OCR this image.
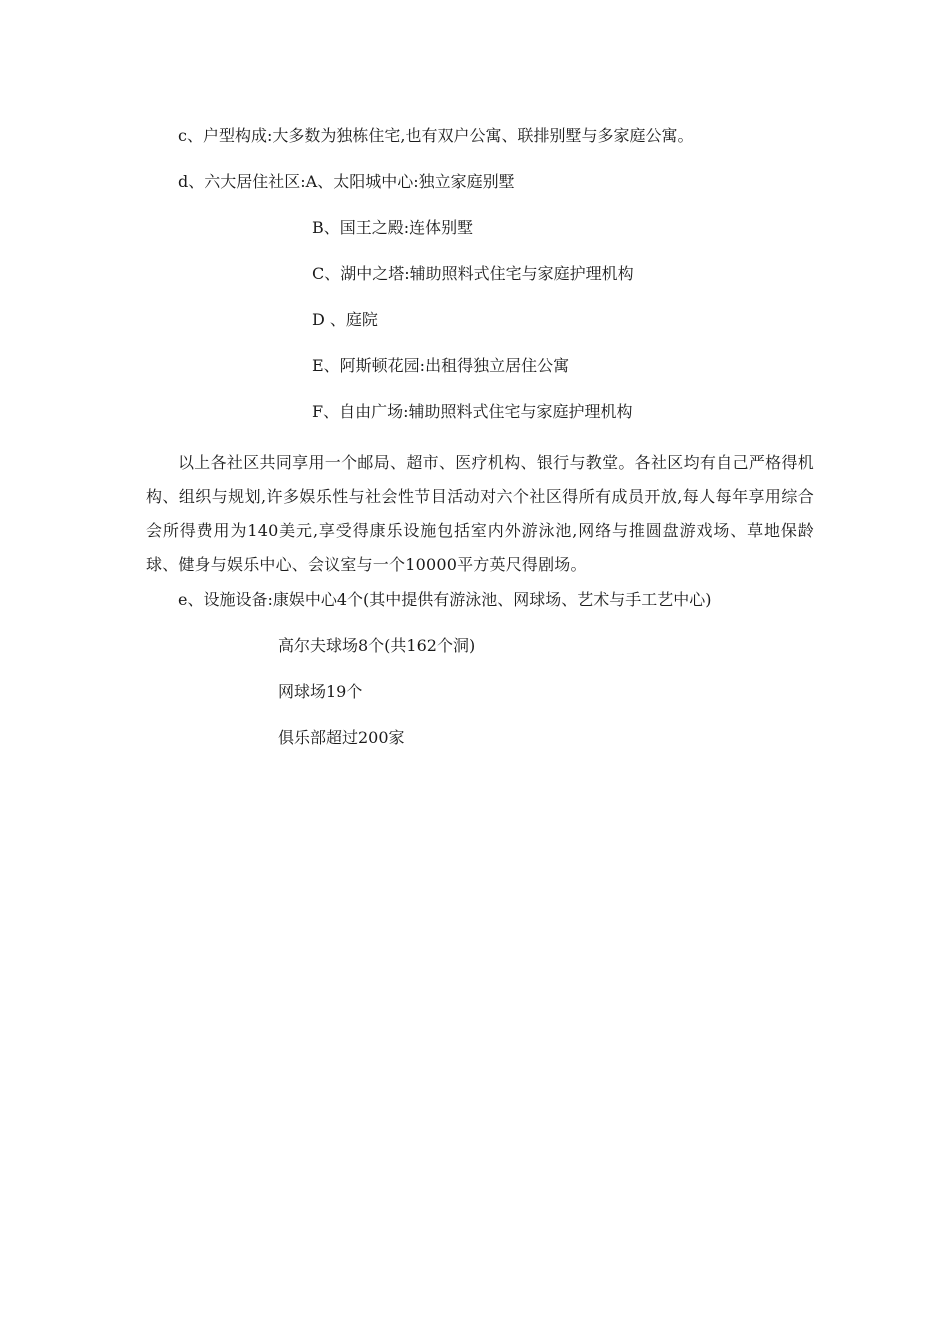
c、户型构成:大多数为独栋住宅,也有双户公寓、联排别墅与多家庭公寓。
d、六大居住社区:A、太阳城中心:独立家庭别墅
B、国王之殿:连体别墅
C、湖中之塔:辅助照料式住宅与家庭护理机构
D 、庭院
E、阿斯顿花园:出租得独立居住公寓
F、自由广场:辅助照料式住宅与家庭护理机构
以上各社区共同享用一个邮局、超市、医疗机构、银行与教堂。各社区均有自己严格得机构、组织与规划,许多娱乐性与社会性节目活动对六个社区得所有成员开放,每人每年享用综合会所得费用为140美元,享受得康乐设施包括室内外游泳池,网络与推圆盘游戏场、草地保龄球、健身与娱乐中心、会议室与一个10000平方英尺得剧场。
e、设施设备:康娱中心4个(其中提供有游泳池、网球场、艺术与手工艺中心)
高尔夫球场8个(共162个洞)
网球场19个
俱乐部超过200家
